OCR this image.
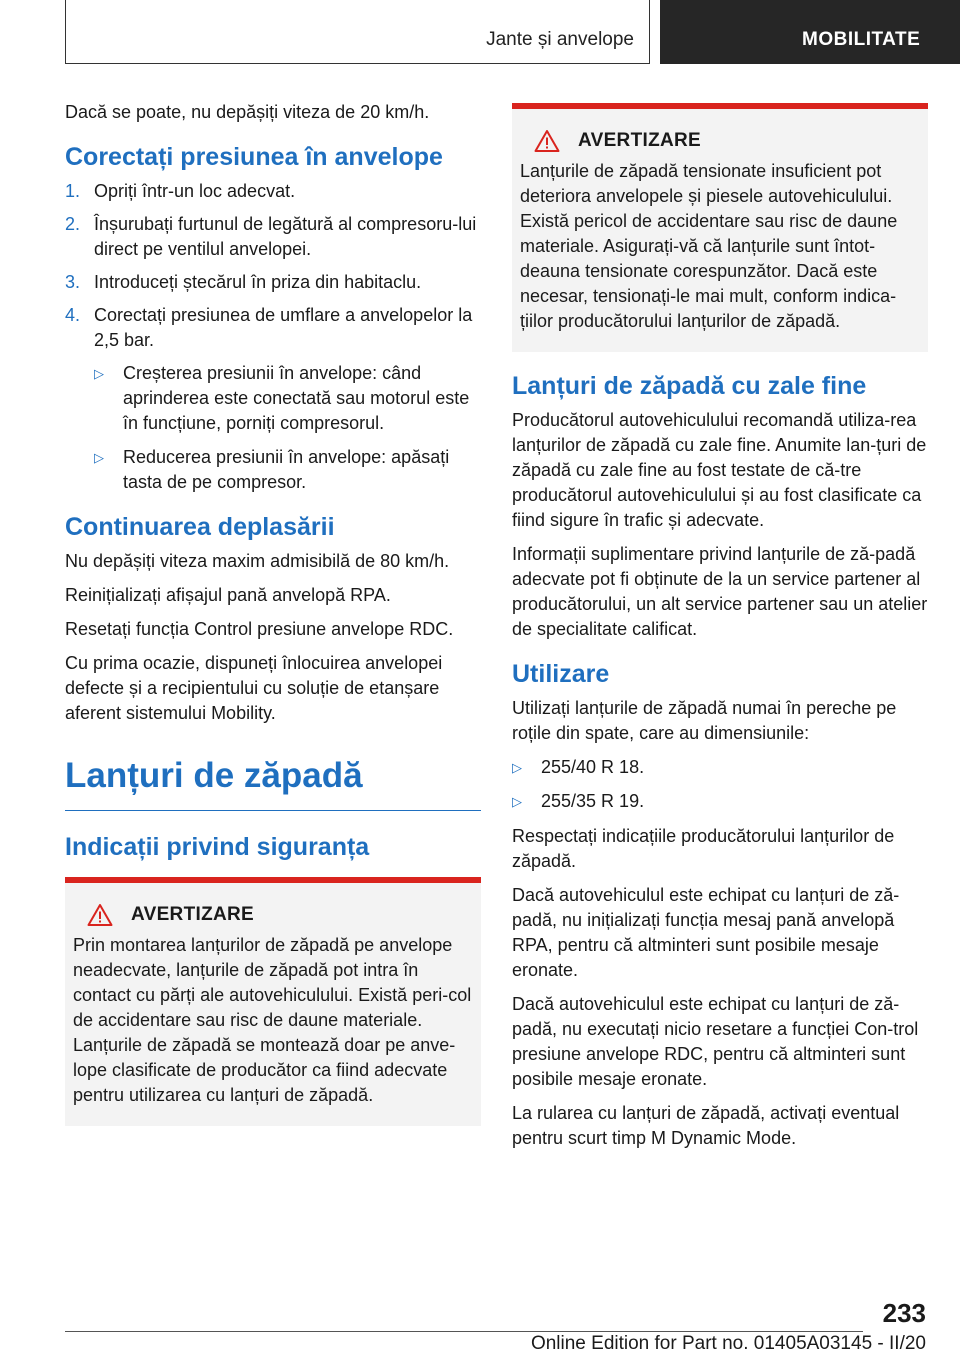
Jante și anvelope	MOBILITATE

Dacă se poate, nu depășiți viteza de 20 km/h.

Corectați presiunea în anvelope
1. Opriți într-un loc adecvat.
2. Înșurubați furtunul de legătură al compresoru-lui direct pe ventilul anvelopei.
3. Introduceți ștecărul în priza din habitaclu.
4. Corectați presiunea de umflare a anvelopelor la 2,5 bar.
▷ Creșterea presiunii în anvelope: când aprinderea este conectată sau motorul este în funcțiune, porniți compresorul.
▷ Reducerea presiunii în anvelope: apăsați tasta de pe compresor.
Continuarea deplasării

Nu depășiți viteza maxim admisibilă de 80 km/h.

Reinițializați afișajul pană anvelopă RPA.

Resetați funcția Control presiune anvelope RDC.

Cu prima ocazie, dispuneți înlocuirea anvelopei defecte și a recipientului cu soluție de etanșare aferent sistemului Mobility.

Lanțuri de zăpadă
Indicații privind siguranța
AVERTIZARE

Prin montarea lanțurilor de zăpadă pe anvelope neadecvate, lanțurile de zăpadă pot intra în contact cu părți ale autovehiculului. Există peri-col de accidentare sau risc de daune materiale. Lanțurile de zăpadă se montează doar pe anve-lope clasificate de producător ca fiind adecvate pentru utilizarea cu lanțuri de zăpadă.

AVERTIZARE

Lanțurile de zăpadă tensionate insuficient pot deteriora anvelopele și piesele autovehiculului. Există pericol de accidentare sau risc de daune materiale. Asigurați-vă că lanțurile sunt întot-deauna tensionate corespunzător. Dacă este necesar, tensionați-le mai mult, conform indica-țiilor producătorului lanțurilor de zăpadă.

Lanțuri de zăpadă cu zale fine

Producătorul autovehiculului recomandă utiliza-rea lanțurilor de zăpadă cu zale fine. Anumite lan-țuri de zăpadă cu zale fine au fost testate de că-tre producătorul autovehiculului și au fost clasificate ca fiind sigure în trafic și adecvate.

Informații suplimentare privind lanțurile de ză-padă adecvate pot fi obținute de la un service partener al producătorului, un alt service partener sau un atelier de specialitate calificat.

Utilizare

Utilizați lanțurile de zăpadă numai în pereche pe roțile din spate, care au dimensiunile:

▷ 255/40 R 18.
▷ 255/35 R 19.

Respectați indicațiile producătorului lanțurilor de zăpadă.

Dacă autovehiculul este echipat cu lanțuri de ză-padă, nu inițializați funcția mesaj pană anvelopă RPA, pentru că altminteri sunt posibile mesaje eronate.

Dacă autovehiculul este echipat cu lanțuri de ză-padă, nu executați nicio resetare a funcției Con-trol presiune anvelope RDC, pentru că altminteri sunt posibile mesaje eronate.

La rularea cu lanțuri de zăpadă, activați eventual pentru scurt timp M Dynamic Mode.

233
Online Edition for Part no. 01405A03145 - II/20
